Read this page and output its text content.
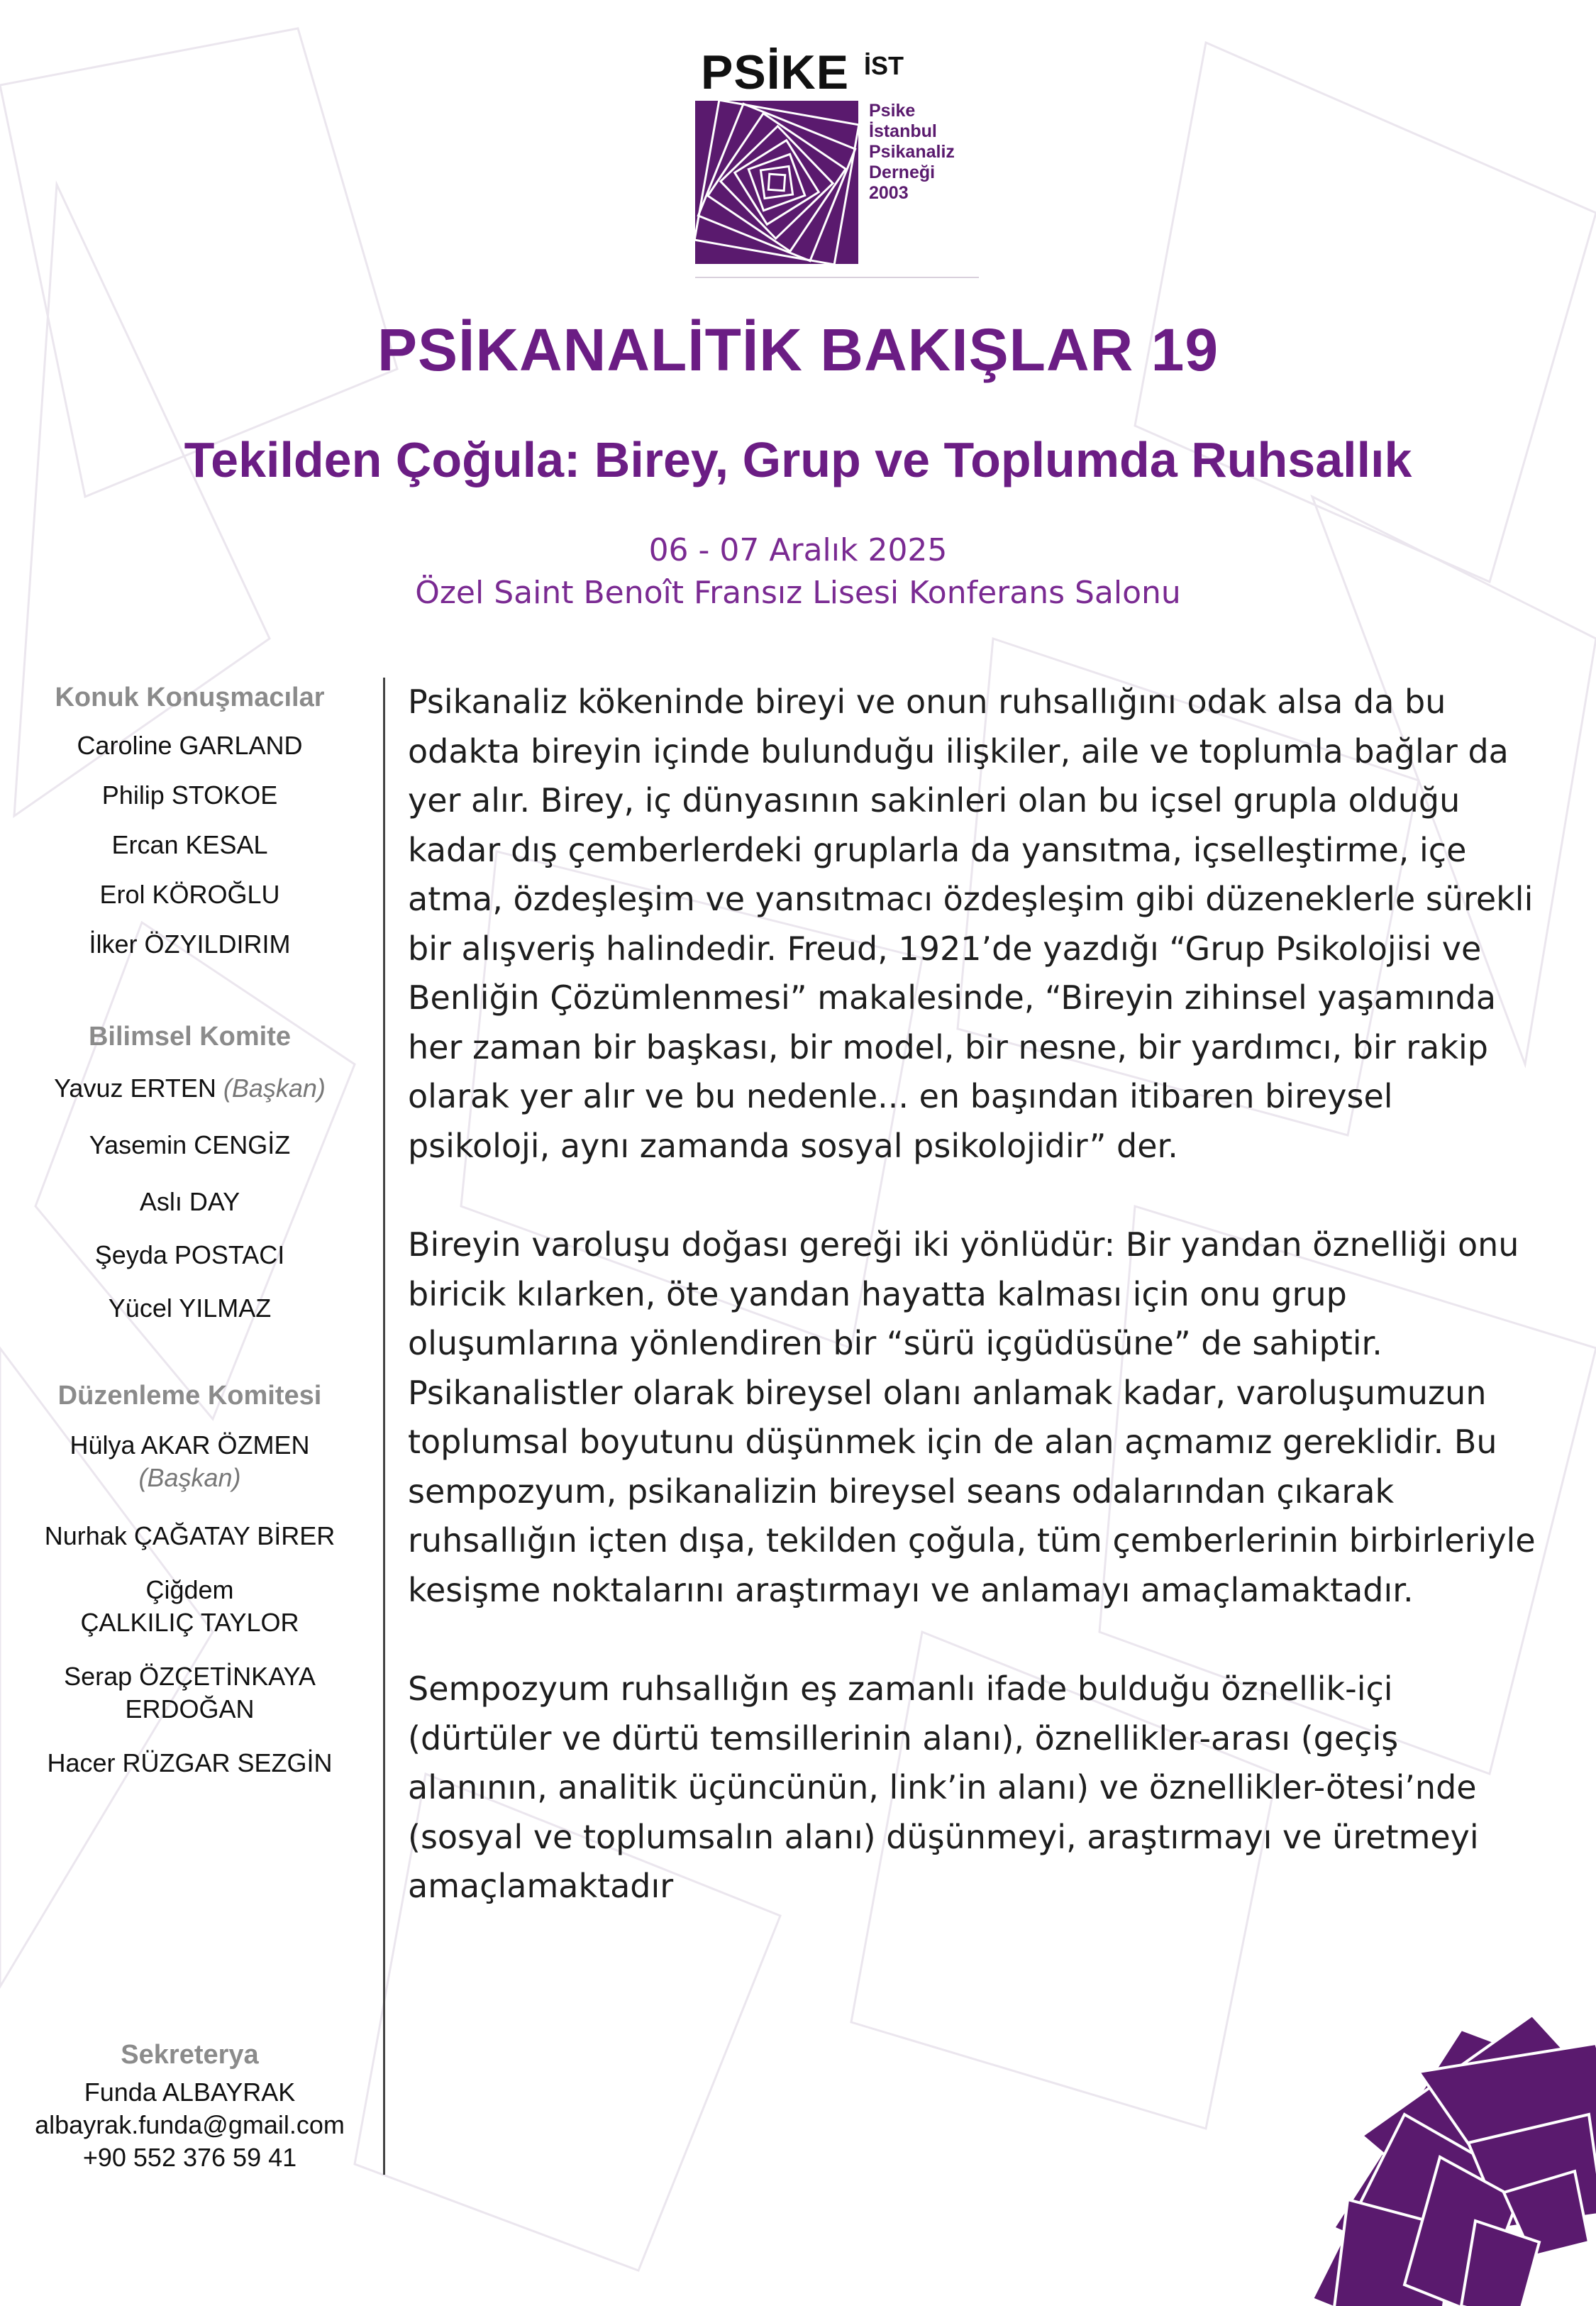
PSİKE İST
Psike
İstanbul
Psikanaliz
Derneği
2003
PSİKANALİTİK BAKIŞLAR 19
Tekilden Çoğula: Birey, Grup ve Toplumda Ruhsallık
06 - 07 Aralık 2025
Özel Saint Benoît Fransız Lisesi Konferans Salonu
Konuk Konuşmacılar
Caroline GARLAND
Philip STOKOE
Ercan KESAL
Erol KÖROĞLU
İlker ÖZYILDIRIM
Bilimsel Komite
Yavuz ERTEN (Başkan)
Yasemin CENGİZ
Aslı DAY
Şeyda POSTACI
Yücel YILMAZ
Düzenleme Komitesi
Hülya AKAR ÖZMEN
(Başkan)
Nurhak ÇAĞATAY BİRER
Çiğdem
ÇALKILIÇ TAYLOR
Serap ÖZÇETİNKAYA
ERDOĞAN
Hacer RÜZGAR SEZGİN
Sekreterya
Funda ALBAYRAK
albayrak.funda@gmail.com
+90 552 376 59 41

Psikanaliz kökeninde bireyi ve onun ruhsallığını odak alsa da bu odakta bireyin içinde bulunduğu ilişkiler, aile ve toplumla bağlar da yer alır. Birey, iç dünyasının sakinleri olan bu içsel grupla olduğu kadar dış çemberlerdeki gruplarla da yansıtma, içselleştirme, içe atma, özdeşleşim ve yansıtmacı özdeşleşim gibi düzeneklerle sürekli bir alışveriş halindedir. Freud, 1921’de yazdığı “Grup Psikolojisi ve Benliğin Çözümlenmesi” makalesinde, “Bireyin zihinsel yaşamında her zaman bir başkası, bir model, bir nesne, bir yardımcı, bir rakip olarak yer alır ve bu nedenle... en başından itibaren bireysel psikoloji, aynı zamanda sosyal psikolojidir” der.

Bireyin varoluşu doğası gereği iki yönlüdür: Bir yandan öznelliği onu biricik kılarken, öte yandan hayatta kalması için onu grup oluşumlarına yönlendiren bir “sürü içgüdüsüne” de sahiptir. Psikanalistler olarak bireysel olanı anlamak kadar, varoluşumuzun toplumsal boyutunu düşünmek için de alan açmamız gereklidir. Bu sempozyum, psikanalizin bireysel seans odalarından çıkarak ruhsallığın içten dışa, tekilden çoğula, tüm çemberlerinin birbirleriyle kesişme noktalarını araştırmayı ve anlamayı amaçlamaktadır.

Sempozyum ruhsallığın eş zamanlı ifade bulduğu öznellik-içi (dürtüler ve dürtü temsillerinin alanı), öznellikler-arası (geçiş alanının, analitik üçüncünün, link’in alanı) ve öznellikler-ötesi’nde (sosyal ve toplumsalın alanı) düşünmeyi, araştırmayı ve üretmeyi amaçlamaktadır
